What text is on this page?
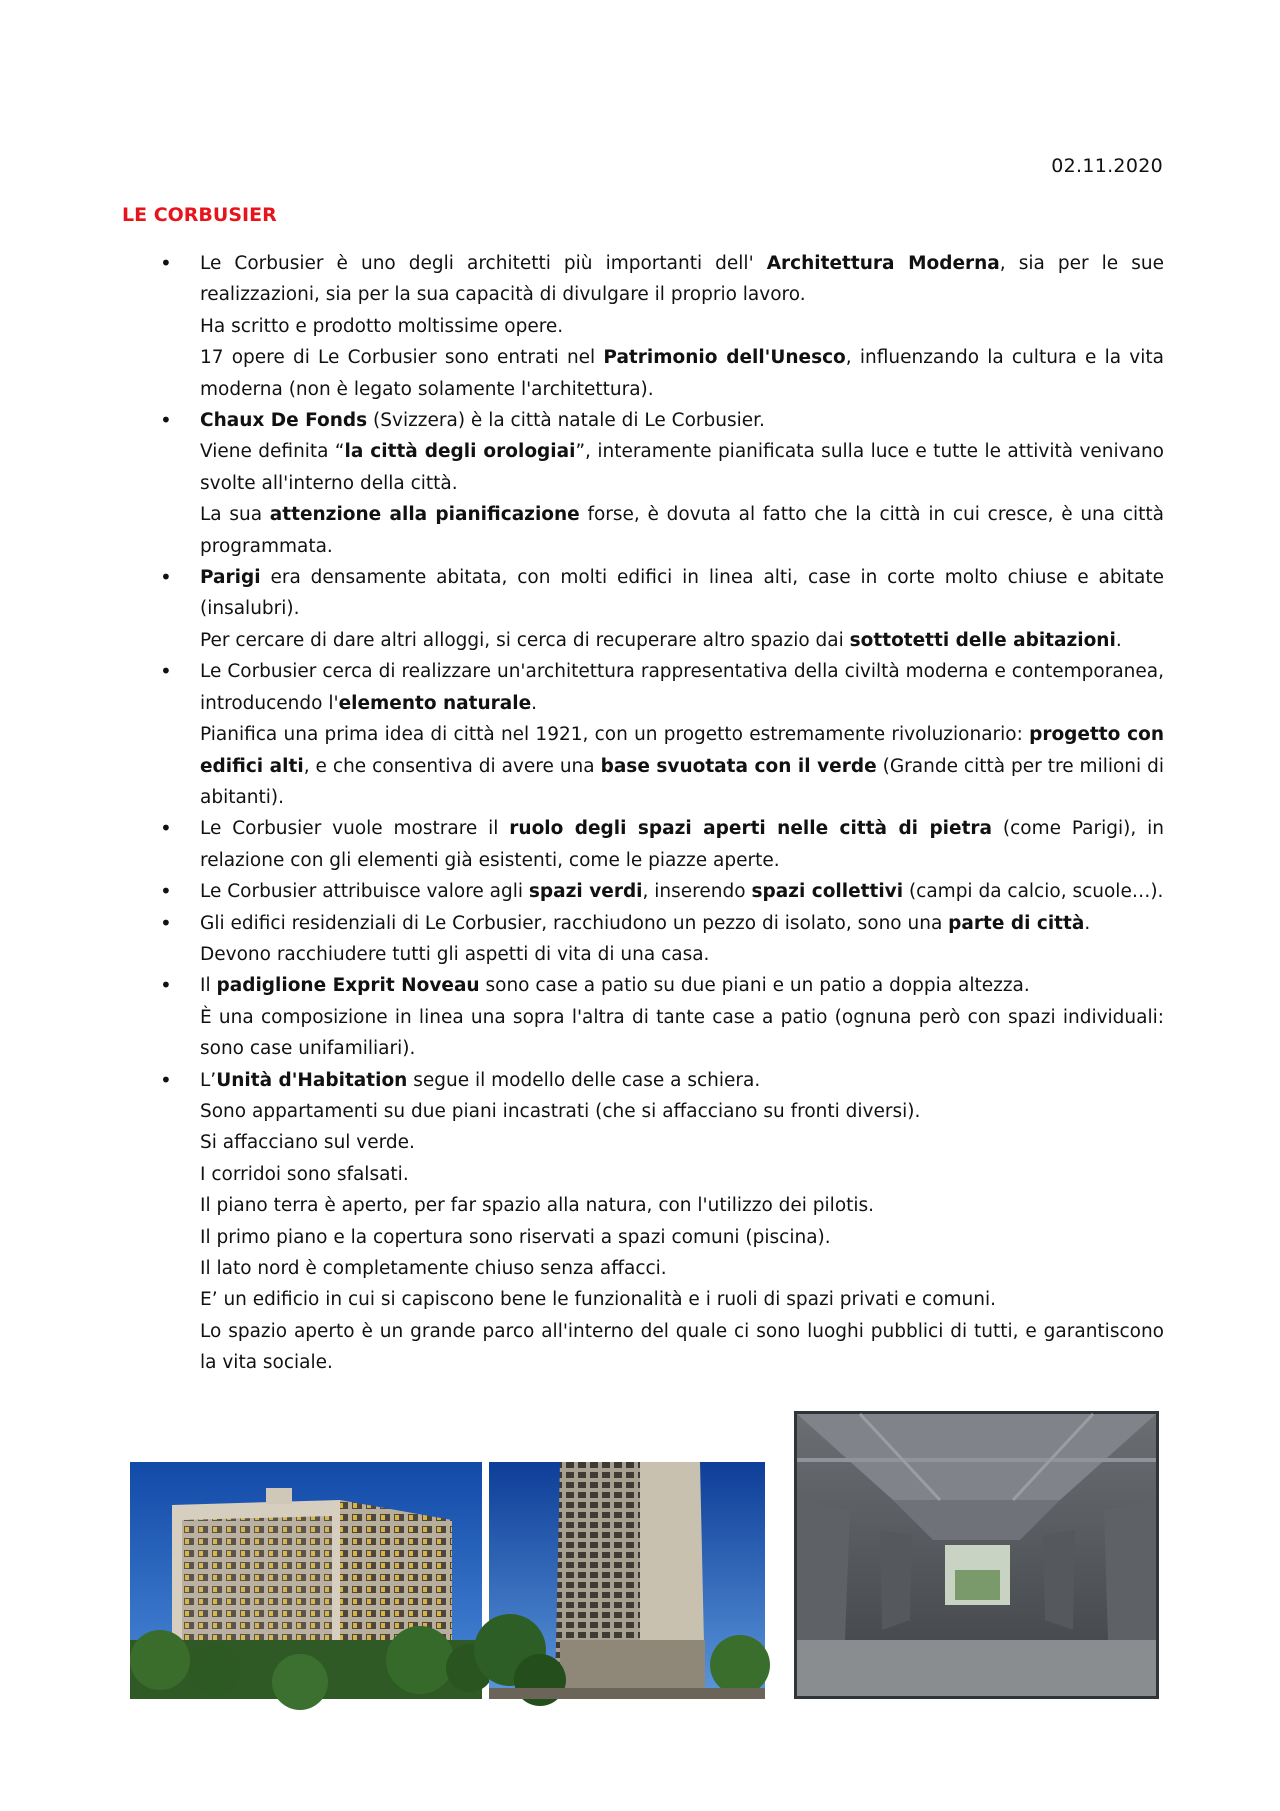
02.11.2020
LE CORBUSIER

• Le Corbusier è uno degli architetti più importanti dell' Architettura Moderna, sia per le sue realizzazioni, sia per la sua capacità di divulgare il proprio lavoro.

Ha scritto e prodotto moltissime opere.

17 opere di Le Corbusier sono entrati nel Patrimonio dell'Unesco, influenzando la cultura e la vita moderna (non è legato solamente l'architettura).

• Chaux De Fonds (Svizzera) è la città natale di Le Corbusier.

Viene definita “la città degli orologiai”, interamente pianificata sulla luce e tutte le attività venivano svolte all'interno della città.

La sua attenzione alla pianificazione forse, è dovuta al fatto che la città in cui cresce, è una città programmata.

• Parigi era densamente abitata, con molti edifici in linea alti, case in corte molto chiuse e abitate (insalubri).

Per cercare di dare altri alloggi, si cerca di recuperare altro spazio dai sottotetti delle abitazioni.

• Le Corbusier cerca di realizzare un'architettura rappresentativa della civiltà moderna e contemporanea, introducendo l'elemento naturale.

Pianifica una prima idea di città nel 1921, con un progetto estremamente rivoluzionario: progetto con edifici alti, e che consentiva di avere una base svuotata con il verde (Grande città per tre milioni di abitanti).

• Le Corbusier vuole mostrare il ruolo degli spazi aperti nelle città di pietra (come Parigi), in relazione con gli elementi già esistenti, come le piazze aperte.

• Le Corbusier attribuisce valore agli spazi verdi, inserendo spazi collettivi (campi da calcio, scuole…).

• Gli edifici residenziali di Le Corbusier, racchiudono un pezzo di isolato, sono una parte di città.

Devono racchiudere tutti gli aspetti di vita di una casa.

• Il padiglione Exprit Noveau sono case a patio su due piani e un patio a doppia altezza.

È una composizione in linea una sopra l'altra di tante case a patio (ognuna però con spazi individuali: sono case unifamiliari).

• L’Unità d'Habitation segue il modello delle case a schiera.

Sono appartamenti su due piani incastrati (che si affacciano su fronti diversi).

Si affacciano sul verde.

I corridoi sono sfalsati.

Il piano terra è aperto, per far spazio alla natura, con l'utilizzo dei pilotis.

Il primo piano e la copertura sono riservati a spazi comuni (piscina).

Il lato nord è completamente chiuso senza affacci.

E’ un edificio in cui si capiscono bene le funzionalità e i ruoli di spazi privati e comuni.

Lo spazio aperto è un grande parco all'interno del quale ci sono luoghi pubblici di tutti, e garantiscono la vita sociale.
